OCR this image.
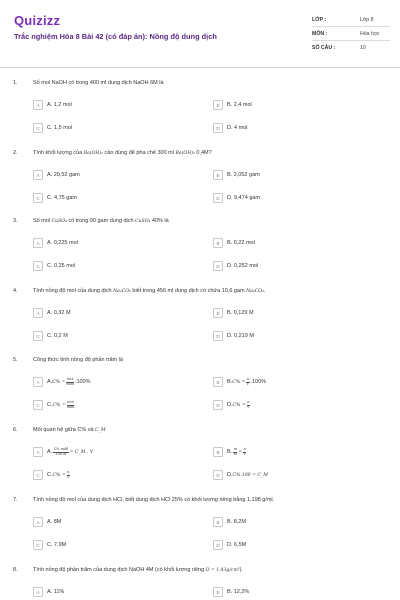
Quizizz
Trắc nghiệm Hóa 8 Bài 42 (có đáp án): Nồng độ dung dịch
LỚP :	Lớp 8
MÔN :	Hóa học
SỐ CÂU :	10
1.	Số mol NaOH có trong 400 ml dung dịch NaOH 6M là
A	A. 1,2 mol	B	B. 2,4 mol
C	C. 1,5 mol	D	D. 4 mol
2.	Tính khối lượng của Ba(OH)₂ cần dùng để pha chế 300 ml Ba(OH)₂ 0,4M?
A	A. 20,52 gam	B	B. 2,052 gam
C	C. 4,75 gam	D	D. 9,474 gam
3.	Số mol CuSO₄ có trong 90 gam dung dịch CuSO₄ 40% là
A	A. 0,225 mol	B	B. 0,22 mol
C	C. 0,25 mol	D	D. 0,252 mol
4.	Tính nồng độ mol của dung dịch Na₂CO₃ biết trong 456 ml dung dịch có chứa 10,6 gam Na₂CO₃.
A	A. 0,32 M	B	B. 0,129 M
C	C. 0,2 M	D	D. 0,219 M
5.	Công thức tính nồng độ phần trăm là
A	A. $C\% = \frac{\text{mct}}{\text{mdd}} .100\%$	B	B. $C\% = \frac{n}{V} .100\%$
C	C. $C\% = \frac{\text{mct}}{\text{mdd}}$	D	D. $C\% = \frac{n}{V}$
6.	Mối quan hệ giữa C% và C_M
A	A. $\frac{\text{C\%.mdd}}{100.M}$ = C_M . V	B	B. $\frac{m}{M} = \frac{n}{V}$
C	C. $C\% = \frac{n}{V}$	D	D. C%.100 = C_M
7.	Tính nồng độ mol của dung dịch HCl, biết dung dịch HCl 25% có khối lượng riêng bằng 1,198 g/ml.
A	A. 8M	B	B. 8,2M
C	C. 7,9M	D	D. 6,5M
8.	Tính nồng độ phần trăm của dung dịch NaOH 4M (có khối lượng riêng D = 1,43g/cm³).
A	A. 11%	B	B. 12,2%
